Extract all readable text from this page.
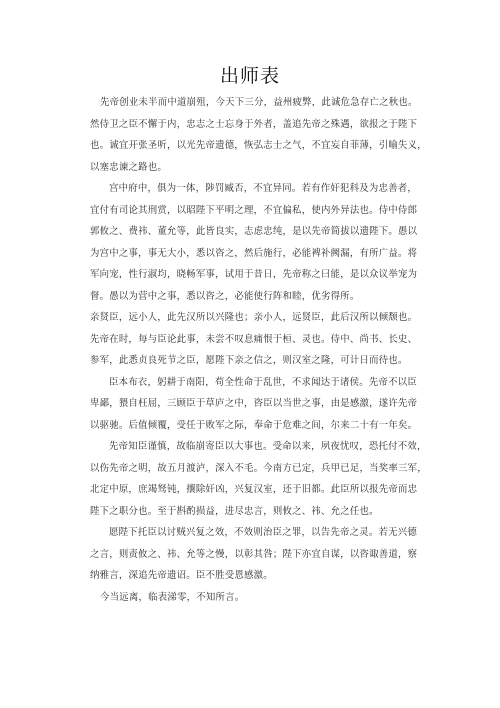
出师表
先帝创业未半而中道崩殂，今天下三分，益州疲弊，此诚危急存亡之秋也。
然侍卫之臣不懈于内，忠志之士忘身于外者，盖追先帝之殊遇，欲报之于陛下
也。诚宜开张圣听，以光先帝遗德，恢弘志士之气，不宜妄自菲薄，引喻失义，
以塞忠谏之路也。
宫中府中，俱为一体，陟罚臧否，不宜异同。若有作奸犯科及为忠善者，
宜付有司论其刑赏，以昭陛下平明之理，不宜偏私，使内外异法也。侍中侍郎
郭攸之、费祎、董允等，此皆良实，志虑忠纯，是以先帝简拔以遗陛下。愚以
为宫中之事，事无大小，悉以咨之，然后施行，必能裨补阙漏，有所广益。将
军向宠，性行淑均，晓畅军事，试用于昔日，先帝称之曰能，是以众议举宠为
督。愚以为营中之事，悉以咨之，必能使行阵和睦，优劣得所。
亲贤臣，远小人，此先汉所以兴隆也；亲小人，远贤臣，此后汉所以倾颓也。
先帝在时，每与臣论此事，未尝不叹息痛恨于桓、灵也。侍中、尚书、长史、
参军，此悉贞良死节之臣，愿陛下亲之信之，则汉室之隆，可计日而待也。
臣本布衣，躬耕于南阳，苟全性命于乱世，不求闻达于诸侯。先帝不以臣
卑鄙，猥自枉屈，三顾臣于草庐之中，咨臣以当世之事，由是感激，遂许先帝
以驱驰。后值倾覆，受任于败军之际，奉命于危难之间，尔来二十有一年矣。
先帝知臣谨慎，故临崩寄臣以大事也。受命以来，夙夜忧叹，恐托付不效，
以伤先帝之明，故五月渡泸，深入不毛。今南方已定，兵甲已足，当奖率三军，
北定中原，庶竭驽钝，攘除奸凶，兴复汉室，还于旧都。此臣所以报先帝而忠
陛下之职分也。至于斟酌损益，进尽忠言，则攸之、祎、允之任也。
愿陛下托臣以讨贼兴复之效，不效则治臣之罪，以告先帝之灵。若无兴德
之言，则责攸之、祎、允等之慢，以彰其咎；陛下亦宜自谋，以咨诹善道，察
纳雅言，深追先帝遗诏。臣不胜受恩感激。
今当远离，临表涕零，不知所言。
